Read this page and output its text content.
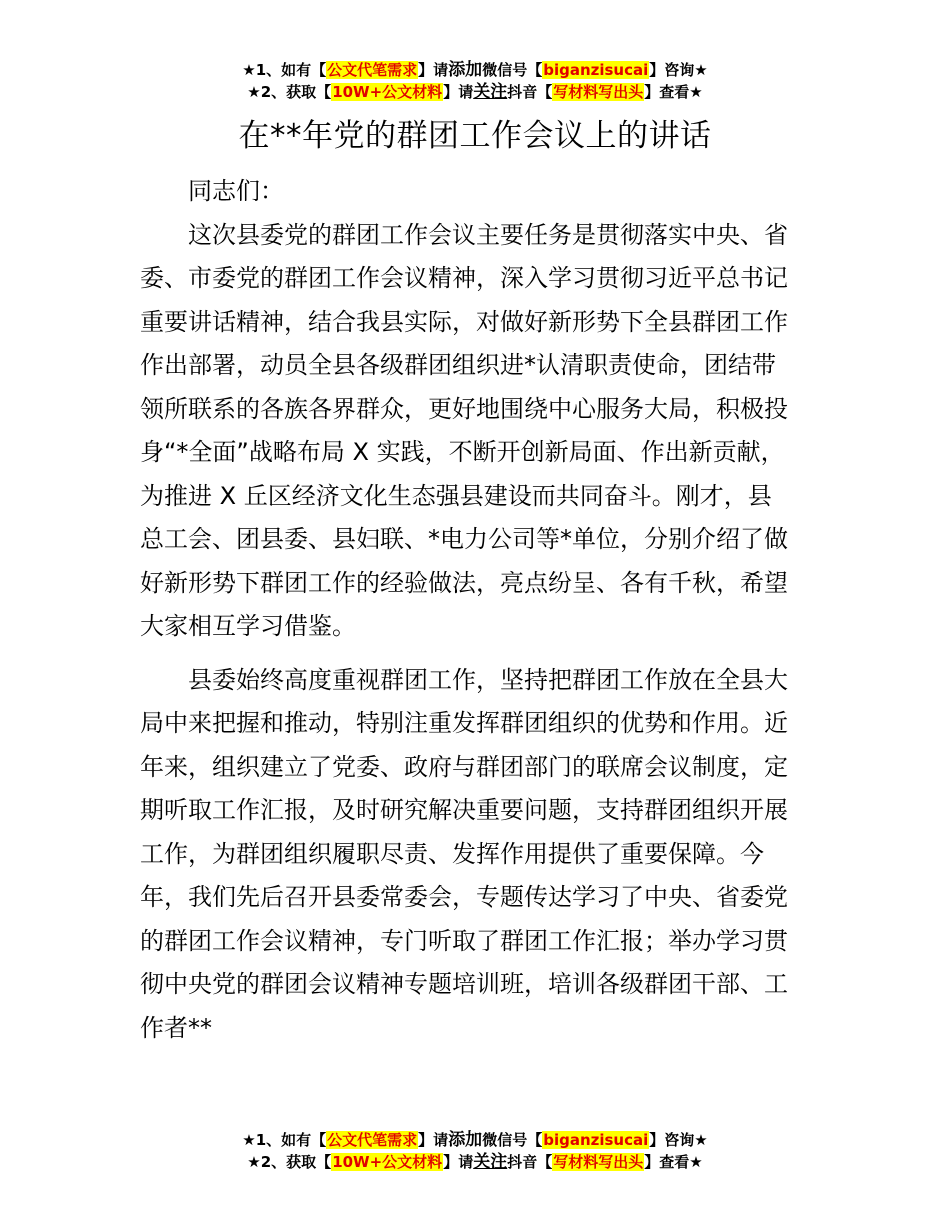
★1、如有【公文代笔需求】请添加微信号【biganzisucai】咨询★
★2、获取【10W+公文材料】请关注抖音【写材料写出头】查看★
在**年党的群团工作会议上的讲话
同志们：
这次县委党的群团工作会议主要任务是贯彻落实中央、省
委、市委党的群团工作会议精神，深入学习贯彻习近平总书记
重要讲话精神，结合我县实际，对做好新形势下全县群团工作
作出部署，动员全县各级群团组织进*认清职责使命，团结带
领所联系的各族各界群众，更好地围绕中心服务大局，积极投
身“*全面”战略布局 X 实践，不断开创新局面、作出新贡献，
为推进 X 丘区经济文化生态强县建设而共同奋斗。刚才，县
总工会、团县委、县妇联、*电力公司等*单位，分别介绍了做
好新形势下群团工作的经验做法，亮点纷呈、各有千秋，希望
大家相互学习借鉴。
县委始终高度重视群团工作，坚持把群团工作放在全县大
局中来把握和推动，特别注重发挥群团组织的优势和作用。近
年来，组织建立了党委、政府与群团部门的联席会议制度，定
期听取工作汇报，及时研究解决重要问题，支持群团组织开展
工作，为群团组织履职尽责、发挥作用提供了重要保障。今
年，我们先后召开县委常委会，专题传达学习了中央、省委党
的群团工作会议精神，专门听取了群团工作汇报；举办学习贯
彻中央党的群团会议精神专题培训班，培训各级群团干部、工
作者**
★1、如有【公文代笔需求】请添加微信号【biganzisucai】咨询★
★2、获取【10W+公文材料】请关注抖音【写材料写出头】查看★
